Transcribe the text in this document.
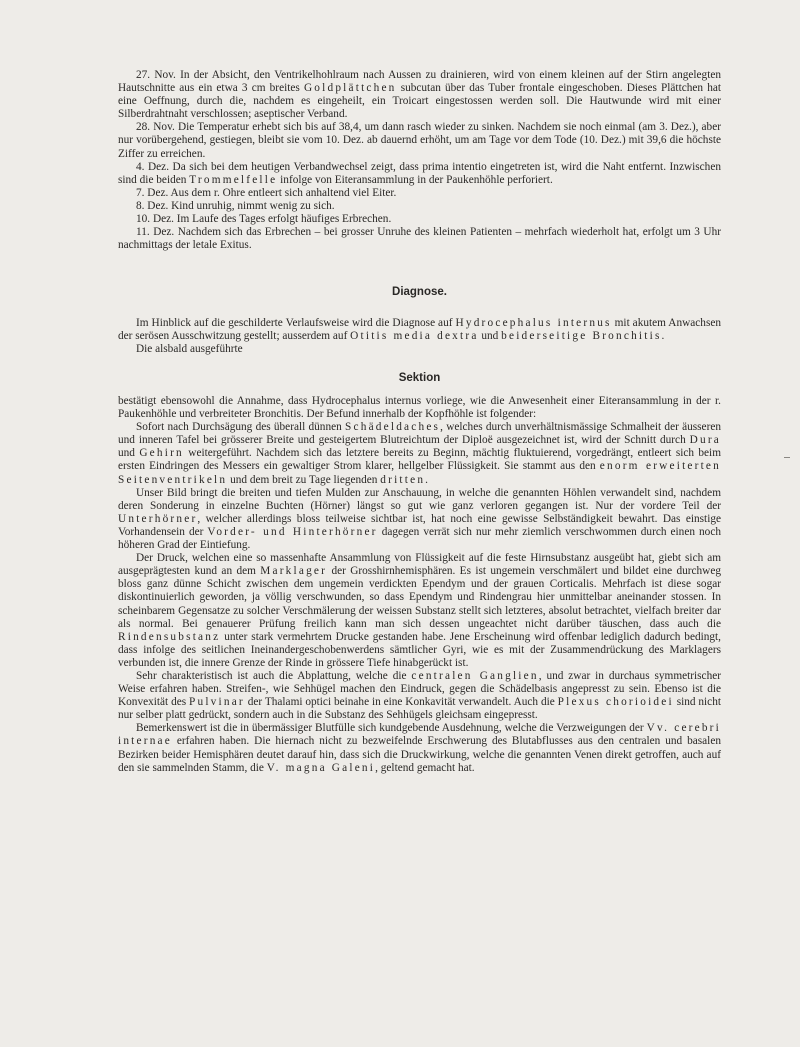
27. Nov. In der Absicht, den Ventrikelhohlraum nach Aussen zu drainieren, wird von einem kleinen auf der Stirn angelegten Hautschnitte aus ein etwa 3 cm breites Goldplättchen subcutan über das Tuber frontale eingeschoben. Dieses Plättchen hat eine Oeffnung, durch die, nachdem es eingeheilt, ein Troicart eingestossen werden soll. Die Hautwunde wird mit einer Silberdrahtnaht verschlossen; aseptischer Verband.

28. Nov. Die Temperatur erhebt sich bis auf 38,4, um dann rasch wieder zu sinken. Nachdem sie noch einmal (am 3. Dez.), aber nur vorübergehend, gestiegen, bleibt sie vom 10. Dez. ab dauernd erhöht, um am Tage vor dem Tode (10. Dez.) mit 39,6 die höchste Ziffer zu erreichen.

4. Dez. Da sich bei dem heutigen Verbandwechsel zeigt, dass prima intentio eingetreten ist, wird die Naht entfernt. Inzwischen sind die beiden Trommelfelle infolge von Eiteransammlung in der Paukenhöhle perforiert.

7. Dez. Aus dem r. Ohre entleert sich anhaltend viel Eiter.

8. Dez. Kind unruhig, nimmt wenig zu sich.

10. Dez. Im Laufe des Tages erfolgt häufiges Erbrechen.

11. Dez. Nachdem sich das Erbrechen – bei grosser Unruhe des kleinen Patienten – mehrfach wiederholt hat, erfolgt um 3 Uhr nachmittags der letale Exitus.

Diagnose.

Im Hinblick auf die geschilderte Verlaufsweise wird die Diagnose auf Hydrocephalus internus mit akutem Anwachsen der serösen Ausschwitzung gestellt; ausserdem auf Otitis media dextra und beiderseitige Bronchitis.

Die alsbald ausgeführte

Sektion

bestätigt ebensowohl die Annahme, dass Hydrocephalus internus vorliege, wie die Anwesenheit einer Eiteransammlung in der r. Paukenhöhle und verbreiteter Bronchitis. Der Befund innerhalb der Kopfhöhle ist folgender:

Sofort nach Durchsägung des überall dünnen Schädeldaches, welches durch unverhältnismässige Schmalheit der äusseren und inneren Tafel bei grösserer Breite und gesteigertem Blutreichtum der Diploë ausgezeichnet ist, wird der Schnitt durch Dura und Gehirn weitergeführt. Nachdem sich das letztere bereits zu Beginn, mächtig fluktuierend, vorgedrängt, entleert sich beim ersten Eindringen des Messers ein gewaltiger Strom klarer, hellgelber Flüssigkeit. Sie stammt aus den enorm erweiterten Seitenventrikeln und dem breit zu Tage liegenden dritten.

Unser Bild bringt die breiten und tiefen Mulden zur Anschauung, in welche die genannten Höhlen verwandelt sind, nachdem deren Sonderung in einzelne Buchten (Hörner) längst so gut wie ganz verloren gegangen ist. Nur der vordere Teil der Unterhörner, welcher allerdings bloss teilweise sichtbar ist, hat noch eine gewisse Selbständigkeit bewahrt. Das einstige Vorhandensein der Vorder- und Hinterhörner dagegen verrät sich nur mehr ziemlich verschwommen durch einen noch höheren Grad der Eintiefung.

Der Druck, welchen eine so massenhafte Ansammlung von Flüssigkeit auf die feste Hirnsubstanz ausgeübt hat, giebt sich am ausgeprägtesten kund an dem Marklager der Grosshirnhemisphären. Es ist ungemein verschmälert und bildet eine durchweg bloss ganz dünne Schicht zwischen dem ungemein verdickten Ependym und der grauen Corticalis. Mehrfach ist diese sogar diskontinuierlich geworden, ja völlig verschwunden, so dass Ependym und Rindengrau hier unmittelbar aneinander stossen. In scheinbarem Gegensatze zu solcher Verschmälerung der weissen Substanz stellt sich letzteres, absolut betrachtet, vielfach breiter dar als normal. Bei genauerer Prüfung freilich kann man sich dessen ungeachtet nicht darüber täuschen, dass auch die Rindensubstanz unter stark vermehrtem Drucke gestanden habe. Jene Erscheinung wird offenbar lediglich dadurch bedingt, dass infolge des seitlichen Ineinandergeschobenwerdens sämtlicher Gyri, wie es mit der Zusammendrückung des Marklagers verbunden ist, die innere Grenze der Rinde in grössere Tiefe hinabgerückt ist.

Sehr charakteristisch ist auch die Abplattung, welche die centralen Ganglien, und zwar in durchaus symmetrischer Weise erfahren haben. Streifen-, wie Sehhügel machen den Eindruck, gegen die Schädelbasis angepresst zu sein. Ebenso ist die Konvexität des Pulvinar der Thalami optici beinahe in eine Konkavität verwandelt. Auch die Plexus chorioidei sind nicht nur selber platt gedrückt, sondern auch in die Substanz des Sehhügels gleichsam eingepresst.

Bemerkenswert ist die in übermässiger Blutfülle sich kundgebende Ausdehnung, welche die Verzweigungen der Vv. cerebri internae erfahren haben. Die hiernach nicht zu bezweifelnde Erschwerung des Blutabflusses aus den centralen und basalen Bezirken beider Hemisphären deutet darauf hin, dass sich die Druckwirkung, welche die genannten Venen direkt getroffen, auch auf den sie sammelnden Stamm, die V. magna Galeni, geltend gemacht hat.
